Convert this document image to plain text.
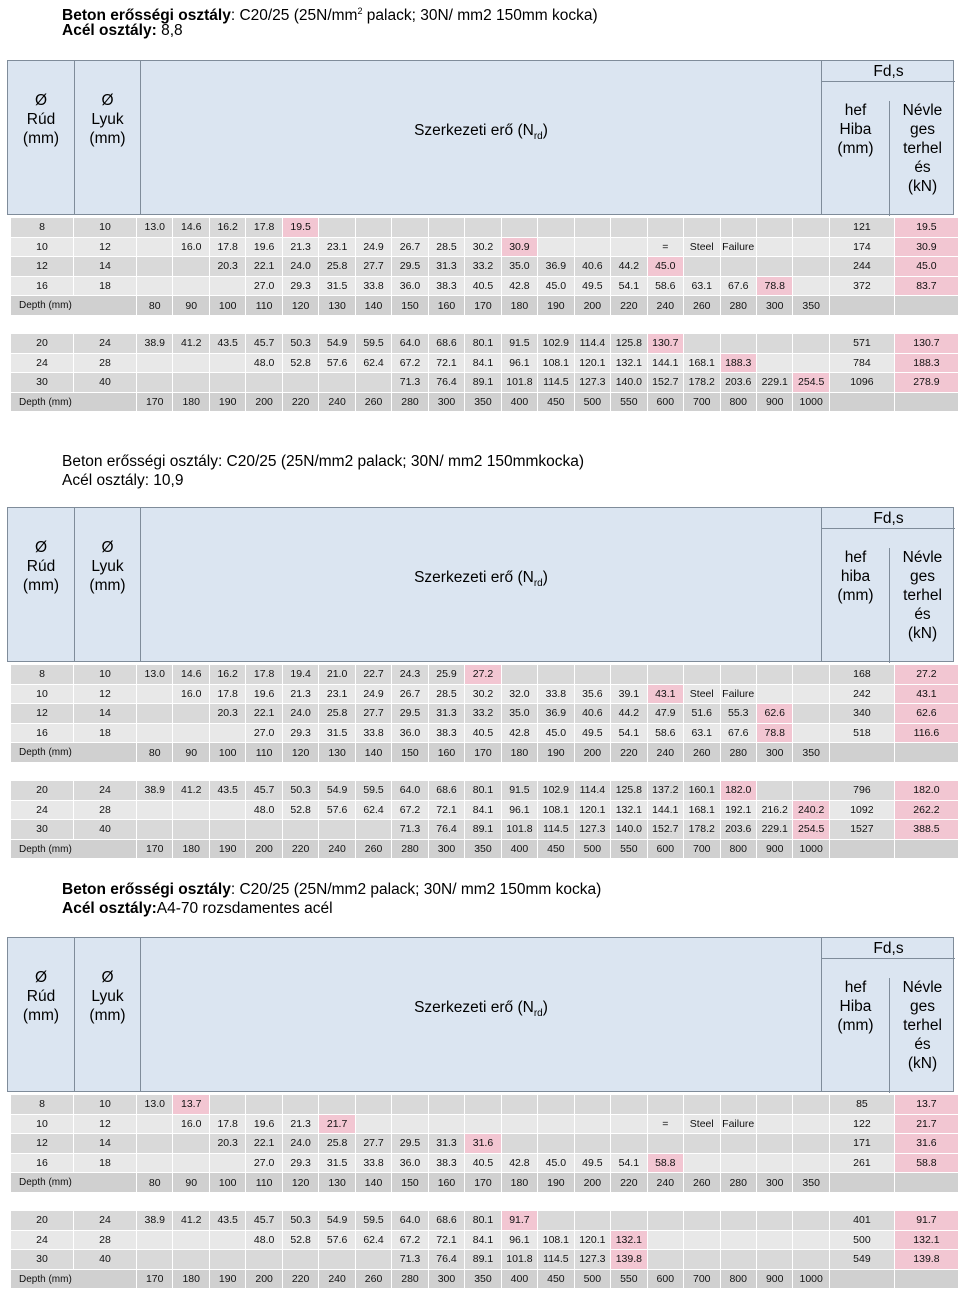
Beton erősségi osztály: C20/25 ($25N/mm^2$ palack; 30N/ mm2 150mm kocka)
Acél osztály: 8,8
Ø
Rúd
(mm)
Ø
Lyuk
(mm)	Szerkezeti erő $(N_{rd})$
Fd,s
hef
Hiba
(mm)
Névle
ges
terhel
és
(kN)
8	10	13.0	14.6	16.2	17.8	19.5															121	19.5
10	12		16.0	17.8	19.6	21.3	23.1	24.9	26.7	28.5	30.2	30.9				=	Steel	Failure			174	30.9
12	14			20.3	22.1	24.0	25.8	27.7	29.5	31.3	33.2	35.0	36.9	40.6	44.2	45.0					244	45.0
16	18				27.0	29.3	31.5	33.8	36.0	38.3	40.5	42.8	45.0	49.5	54.1	58.6	63.1	67.6	78.8		372	83.7
Depth (mm)		80	90	100	110	120	130	140	150	160	170	180	190	200	220	240	260	280	300	350		
20	24	38.9	41.2	43.5	45.7	50.3	54.9	59.5	64.0	68.6	80.1	91.5	102.9	114.4	125.8	130.7					571	130.7
24	28				48.0	52.8	57.6	62.4	67.2	72.1	84.1	96.1	108.1	120.1	132.1	144.1	168.1	188.3			784	188.3
30	40								71.3	76.4	89.1	101.8	114.5	127.3	140.0	152.7	178.2	203.6	229.1	254.5	1096	278.9
Depth (mm)		170	180	190	200	220	240	260	280	300	350	400	450	500	550	600	700	800	900	1000		
Beton erősségi osztály: C20/25 (25N/mm2 palack; 30N/ mm2 150mmkocka)
Acél osztály: 10,9
Ø
Rúd
(mm)
Ø
Lyuk
(mm)	Szerkezeti erő $(N_{rd})$
Fd,s
hef
hiba
(mm)
Névle
ges
terhel
és
(kN)
8	10	13.0	14.6	16.2	17.8	19.4	21.0	22.7	24.3	25.9	27.2										168	27.2
10	12		16.0	17.8	19.6	21.3	23.1	24.9	26.7	28.5	30.2	32.0	33.8	35.6	39.1	43.1	Steel	Failure			242	43.1
12	14			20.3	22.1	24.0	25.8	27.7	29.5	31.3	33.2	35.0	36.9	40.6	44.2	47.9	51.6	55.3	62.6		340	62.6
16	18				27.0	29.3	31.5	33.8	36.0	38.3	40.5	42.8	45.0	49.5	54.1	58.6	63.1	67.6	78.8		518	116.6
Depth (mm)		80	90	100	110	120	130	140	150	160	170	180	190	200	220	240	260	280	300	350		
20	24	38.9	41.2	43.5	45.7	50.3	54.9	59.5	64.0	68.6	80.1	91.5	102.9	114.4	125.8	137.2	160.1	182.0			796	182.0
24	28				48.0	52.8	57.6	62.4	67.2	72.1	84.1	96.1	108.1	120.1	132.1	144.1	168.1	192.1	216.2	240.2	1092	262.2
30	40								71.3	76.4	89.1	101.8	114.5	127.3	140.0	152.7	178.2	203.6	229.1	254.5	1527	388.5
Depth (mm)		170	180	190	200	220	240	260	280	300	350	400	450	500	550	600	700	800	900	1000		
Beton erősségi osztály: C20/25 (25N/mm2 palack; 30N/ mm2 150mm kocka)
Acél osztály:A4-70 rozsdamentes acél
Ø
Rúd
(mm)
Ø
Lyuk
(mm)	Szerkezeti erő $(N_{rd})$
Fd,s
hef
Hiba
(mm)
Névle
ges
terhel
és
(kN)
8	10	13.0	13.7																		85	13.7
10	12		16.0	17.8	19.6	21.3	21.7									=	Steel	Failure			122	21.7
12	14			20.3	22.1	24.0	25.8	27.7	29.5	31.3	31.6										171	31.6
16	18				27.0	29.3	31.5	33.8	36.0	38.3	40.5	42.8	45.0	49.5	54.1	58.8					261	58.8
Depth (mm)		80	90	100	110	120	130	140	150	160	170	180	190	200	220	240	260	280	300	350		
20	24	38.9	41.2	43.5	45.7	50.3	54.9	59.5	64.0	68.6	80.1	91.7									401	91.7
24	28				48.0	52.8	57.6	62.4	67.2	72.1	84.1	96.1	108.1	120.1	132.1						500	132.1
30	40								71.3	76.4	89.1	101.8	114.5	127.3	139.8						549	139.8
Depth (mm)		170	180	190	200	220	240	260	280	300	350	400	450	500	550	600	700	800	900	1000		
